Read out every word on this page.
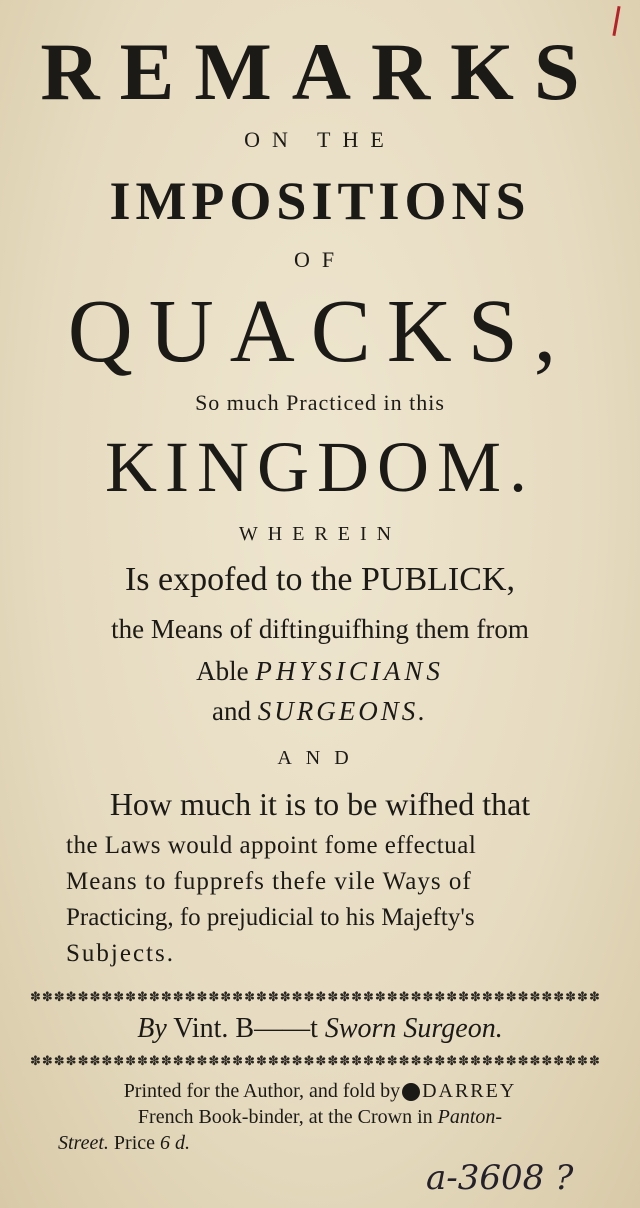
REMARKS
ON THE
IMPOSITIONS
OF
QUACKS,
So much Practiced in this
KINGDOM.
WHEREIN
Is expofed to the PUBLICK,
the Means of diftinguifhing them from
Able PHYSICIANS
and SURGEONS.
AND
How much it is to be wifhed that
the Laws would appoint fome effectual
Means to fupprefs thefe vile Ways of
Practicing, fo prejudicial to his Majefty's
Subjects.
✽✽✽✽✽✽✽✽✽✽✽✽✽✽✽✽✽✽✽✽✽✽✽✽✽✽✽✽✽✽✽✽✽✽✽✽✽✽✽✽✽✽✽✽✽✽✽✽
By Vint. B——t Sworn Surgeon.
✽✽✽✽✽✽✽✽✽✽✽✽✽✽✽✽✽✽✽✽✽✽✽✽✽✽✽✽✽✽✽✽✽✽✽✽✽✽✽✽✽✽✽✽✽✽✽✽
Printed for the Author, and fold by DARREY
French Book-binder, at the Crown in Panton-
Street. Price 6 d.
a-3608 ?
